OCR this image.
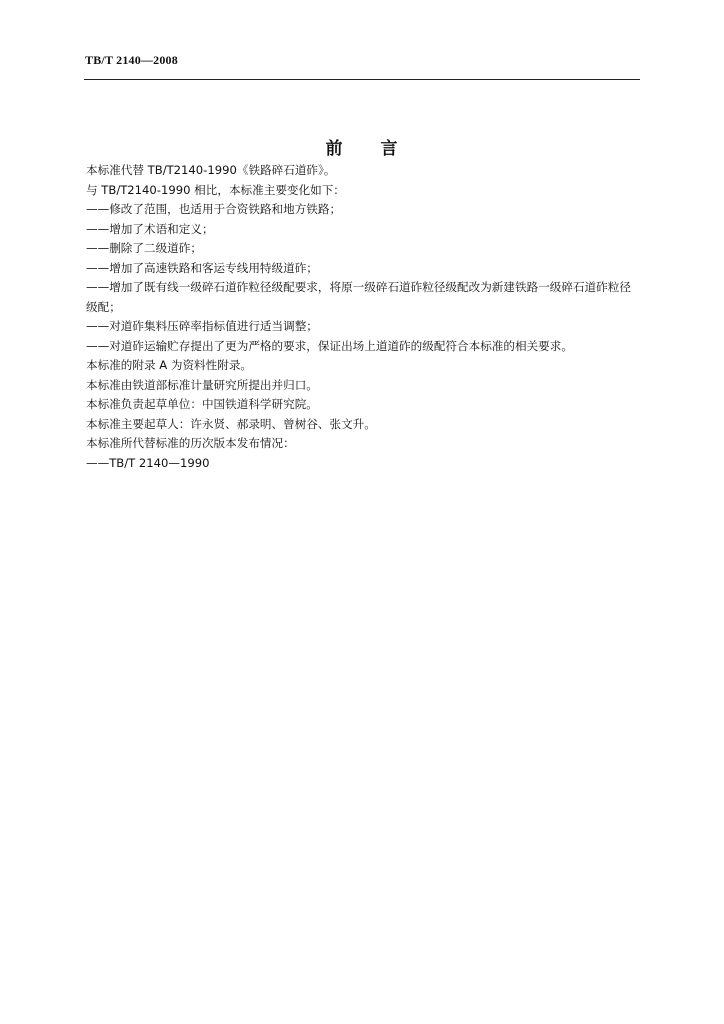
TB/T 2140—2008
前 言
本标准代替 TB/T2140-1990《铁路碎石道砟》。
与 TB/T2140-1990 相比，本标准主要变化如下：
——修改了范围，也适用于合资铁路和地方铁路；
——增加了术语和定义；
——删除了二级道砟；
——增加了高速铁路和客运专线用特级道砟；
——增加了既有线一级碎石道砟粒径级配要求，将原一级碎石道砟粒径级配改为新建铁路一级碎石道砟粒径级配；
——对道砟集料压碎率指标值进行适当调整；
——对道砟运输贮存提出了更为严格的要求，保证出场上道道砟的级配符合本标准的相关要求。
本标准的附录 A 为资料性附录。
本标准由铁道部标准计量研究所提出并归口。
本标准负责起草单位：中国铁道科学研究院。
本标准主要起草人：许永贤、郝录明、曾树谷、张文升。
本标准所代替标准的历次版本发布情况：
——TB/T 2140—1990
